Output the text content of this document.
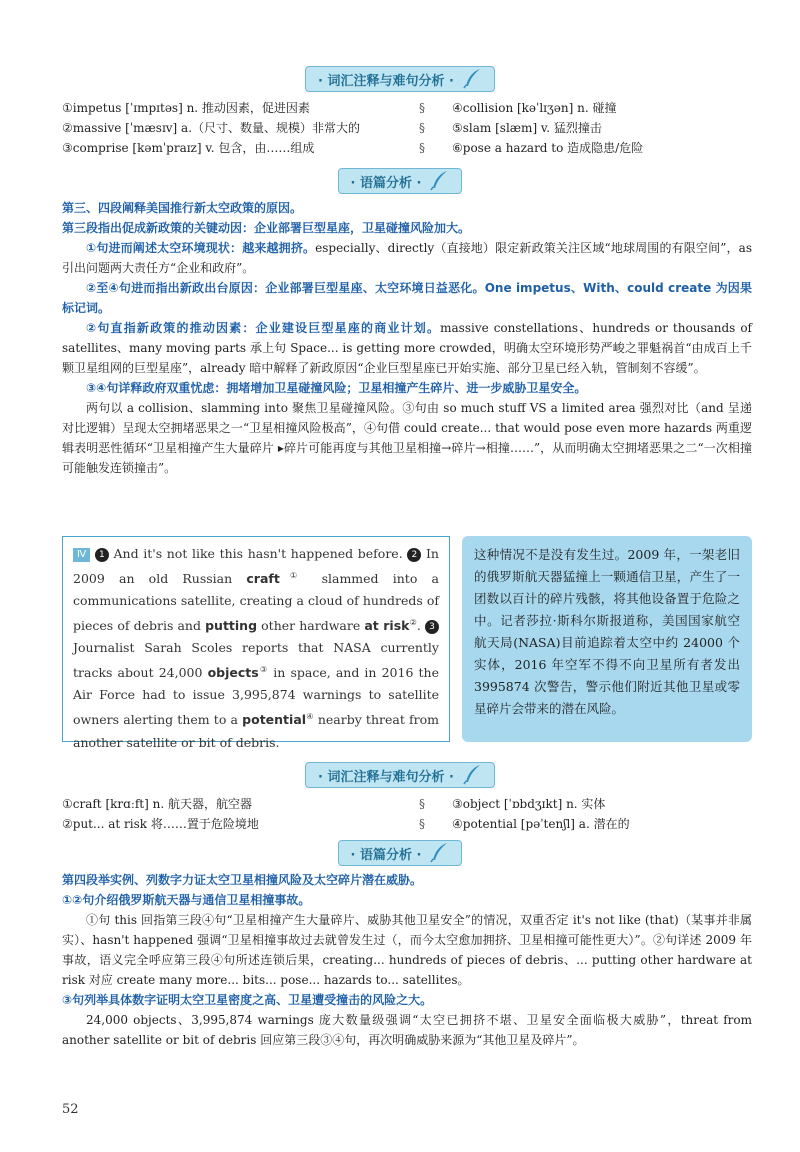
· 词汇注释与难句分析 ·
①impetus [ˈɪmpɪtəs] n. 推动因素，促进因素	§	④collision [kəˈlɪʒən] n. 碰撞
②massive [ˈmæsɪv] a.（尺寸、数量、规模）非常大的	§	⑤slam [slæm] v. 猛烈撞击
③comprise [kəmˈpraɪz] v. 包含，由……组成	§	⑥pose a hazard to 造成隐患/危险
· 语篇分析 ·

第三、四段阐释美国推行新太空政策的原因。

第三段指出促成新政策的关键动因：企业部署巨型星座，卫星碰撞风险加大。

①句进而阐述太空环境现状：越来越拥挤。especially、directly（直接地）限定新政策关注区域“地球周围的有限空间”，as 引出问题两大责任方“企业和政府”。

②至④句进而指出新政出台原因：企业部署巨型星座、太空环境日益恶化。One impetus、With、could create 为因果标记词。

②句直指新政策的推动因素：企业建设巨型星座的商业计划。massive constellations、hundreds or thousands of satellites、many moving parts 承上句 Space... is getting more crowded，明确太空环境形势严峻之罪魁祸首“由成百上千颗卫星组网的巨型星座”，already 暗中解释了新政原因“企业巨型星座已开始实施、部分卫星已经入轨，管制刻不容缓”。

③④句详释政府双重忧虑：拥堵增加卫星碰撞风险；卫星相撞产生碎片、进一步威胁卫星安全。

两句以 a collision、slamming into 聚焦卫星碰撞风险。③句由 so much stuff VS a limited area 强烈对比（and 呈递对比逻辑）呈现太空拥堵恶果之一“卫星相撞风险极高”，④句借 could create... that would pose even more hazards 两重逻辑表明恶性循环“卫星相撞产生大量碎片 ▸碎片可能再度与其他卫星相撞→碎片→相撞……”，从而明确太空拥堵恶果之二“一次相撞可能触发连锁撞击”。

Ⅳ 1 And it's not like this hasn't happened before. 2 In 2009 an old Russian craft① slammed into a communications satellite, creating a cloud of hundreds of pieces of debris and putting other hardware at risk②. 3 Journalist Sarah Scoles reports that NASA currently tracks about 24,000 objects③ in space, and in 2016 the Air Force had to issue 3,995,874 warnings to satellite owners alerting them to a potential④ nearby threat from another satellite or bit of debris.
这种情况不是没有发生过。2009 年，一架老旧的俄罗斯航天器猛撞上一颗通信卫星，产生了一团数以百计的碎片残骸，将其他设备置于危险之中。记者莎拉·斯科尔斯报道称，美国国家航空航天局(NASA)目前追踪着太空中约 24000 个实体，2016 年空军不得不向卫星所有者发出 3995874 次警告，警示他们附近其他卫星或零星碎片会带来的潜在风险。
· 词汇注释与难句分析 ·
①craft [krɑːft] n. 航天器，航空器	§	③object [ˈɒbdʒɪkt] n. 实体
②put... at risk 将……置于危险境地	§	④potential [pəˈtenʃl] a. 潜在的
· 语篇分析 ·

第四段举实例、列数字力证太空卫星相撞风险及太空碎片潜在威胁。

①②句介绍俄罗斯航天器与通信卫星相撞事故。

①句 this 回指第三段④句“卫星相撞产生大量碎片、威胁其他卫星安全”的情况，双重否定 it's not like (that)（某事并非属实）、hasn't happened 强调“卫星相撞事故过去就曾发生过（，而今太空愈加拥挤、卫星相撞可能性更大）”。②句详述 2009 年事故，语义完全呼应第三段④句所述连锁后果，creating... hundreds of pieces of debris、... putting other hardware at risk 对应 create many more... bits... pose... hazards to... satellites。

③句列举具体数字证明太空卫星密度之高、卫星遭受撞击的风险之大。

24,000 objects、3,995,874 warnings 庞大数量级强调“太空已拥挤不堪、卫星安全面临极大威胁”，threat from another satellite or bit of debris 回应第三段③④句，再次明确威胁来源为“其他卫星及碎片”。

52
